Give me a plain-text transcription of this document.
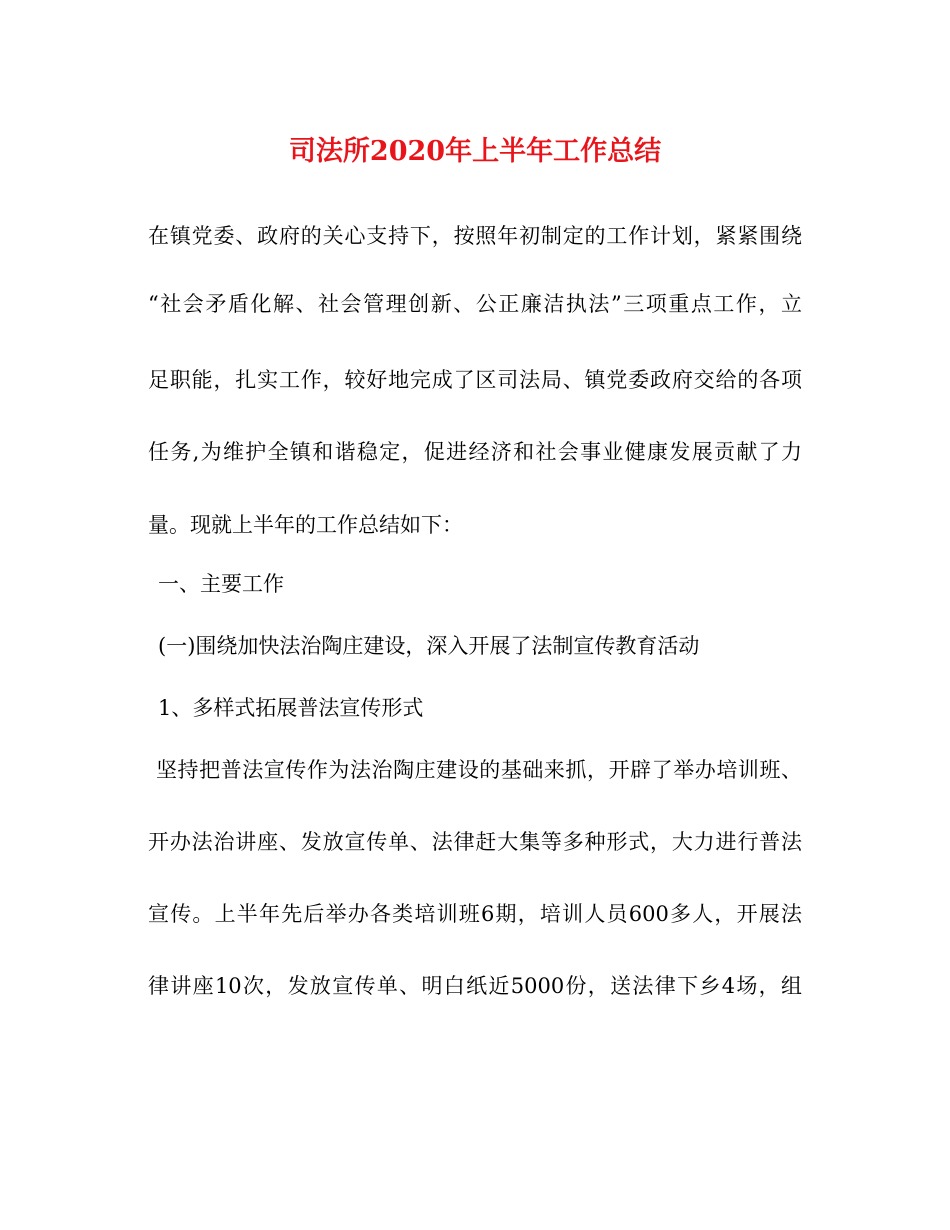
司法所2020年上半年工作总结
在镇党委、政府的关心支持下，按照年初制定的工作计划，紧紧围绕
“社会矛盾化解、社会管理创新、公正廉洁执法”三项重点工作，立
足职能，扎实工作，较好地完成了区司法局、镇党委政府交给的各项
任务,为维护全镇和谐稳定，促进经济和社会事业健康发展贡献了力
量。现就上半年的工作总结如下：
一、主要工作
(一)围绕加快法治陶庄建设，深入开展了法制宣传教育活动
1、多样式拓展普法宣传形式
坚持把普法宣传作为法治陶庄建设的基础来抓，开辟了举办培训班、
开办法治讲座、发放宣传单、法律赶大集等多种形式，大力进行普法
宣传。上半年先后举办各类培训班6期，培训人员600多人，开展法
律讲座10次，发放宣传单、明白纸近5000份，送法律下乡4场，组
